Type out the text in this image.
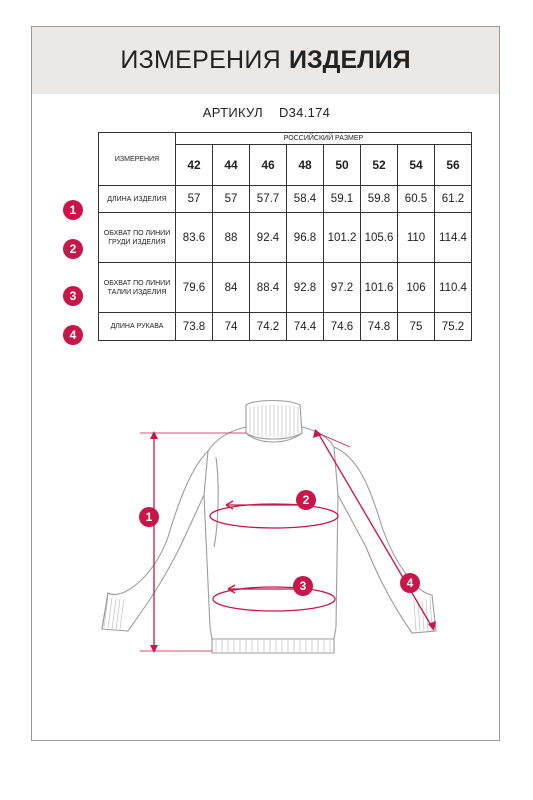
ИЗМЕРЕНИЯ ИЗДЕЛИЯ
АРТИКУЛ D34.174
ИЗМЕРЕНИЯ	РОССИЙСКИЙ РАЗМЕР							
	42	44	46	48	50	52	54	56
ДЛИНА ИЗДЕЛИЯ	57	57	57.7	58.4	59.1	59.8	60.5	61.2
ОБХВАТ ПО ЛИНИИ ГРУДИ ИЗДЕЛИЯ	83.6	88	92.4	96.8	101.2	105.6	110	114.4
ОБХВАТ ПО ЛИНИИ ТАЛИИ ИЗДЕЛИЯ	79.6	84	88.4	92.8	97.2	101.6	106	110.4
ДЛИНА РУКАВА	73.8	74	74.2	74.4	74.6	74.8	75	75.2
1
2
3
4
1
2
3	4
